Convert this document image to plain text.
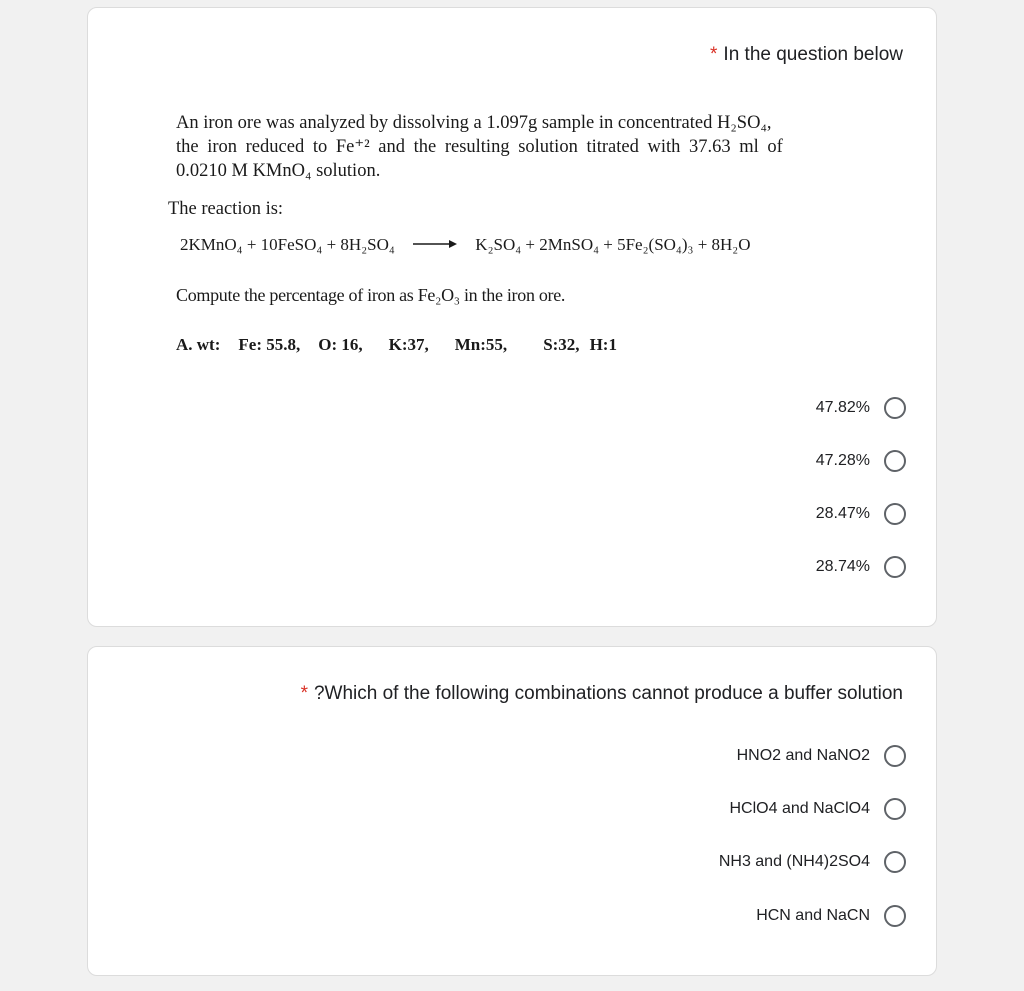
* In the question below
An iron ore was analyzed by dissolving a 1.097g sample in concentrated H₂SO₄,
the iron reduced to Fe⁺² and the resulting solution titrated with 37.63 ml of
0.0210 M KMnO₄ solution.
The reaction is:
2KMnO₄ + 10FeSO₄ + 8H₂SO₄ → K₂SO₄ + 2MnSO₄ + 5Fe₂(SO₄)₃ + 8H₂O
Compute the percentage of iron as Fe₂O₃ in the iron ore.
A. wt: Fe: 55.8, O: 16, K:37, Mn:55, S:32, H:1
47.82%
47.28%
28.47%
28.74%
* ?Which of the following combinations cannot produce a buffer solution
HNO2 and NaNO2
HClO4 and NaClO4
NH3 and (NH4)2SO4
HCN and NaCN
